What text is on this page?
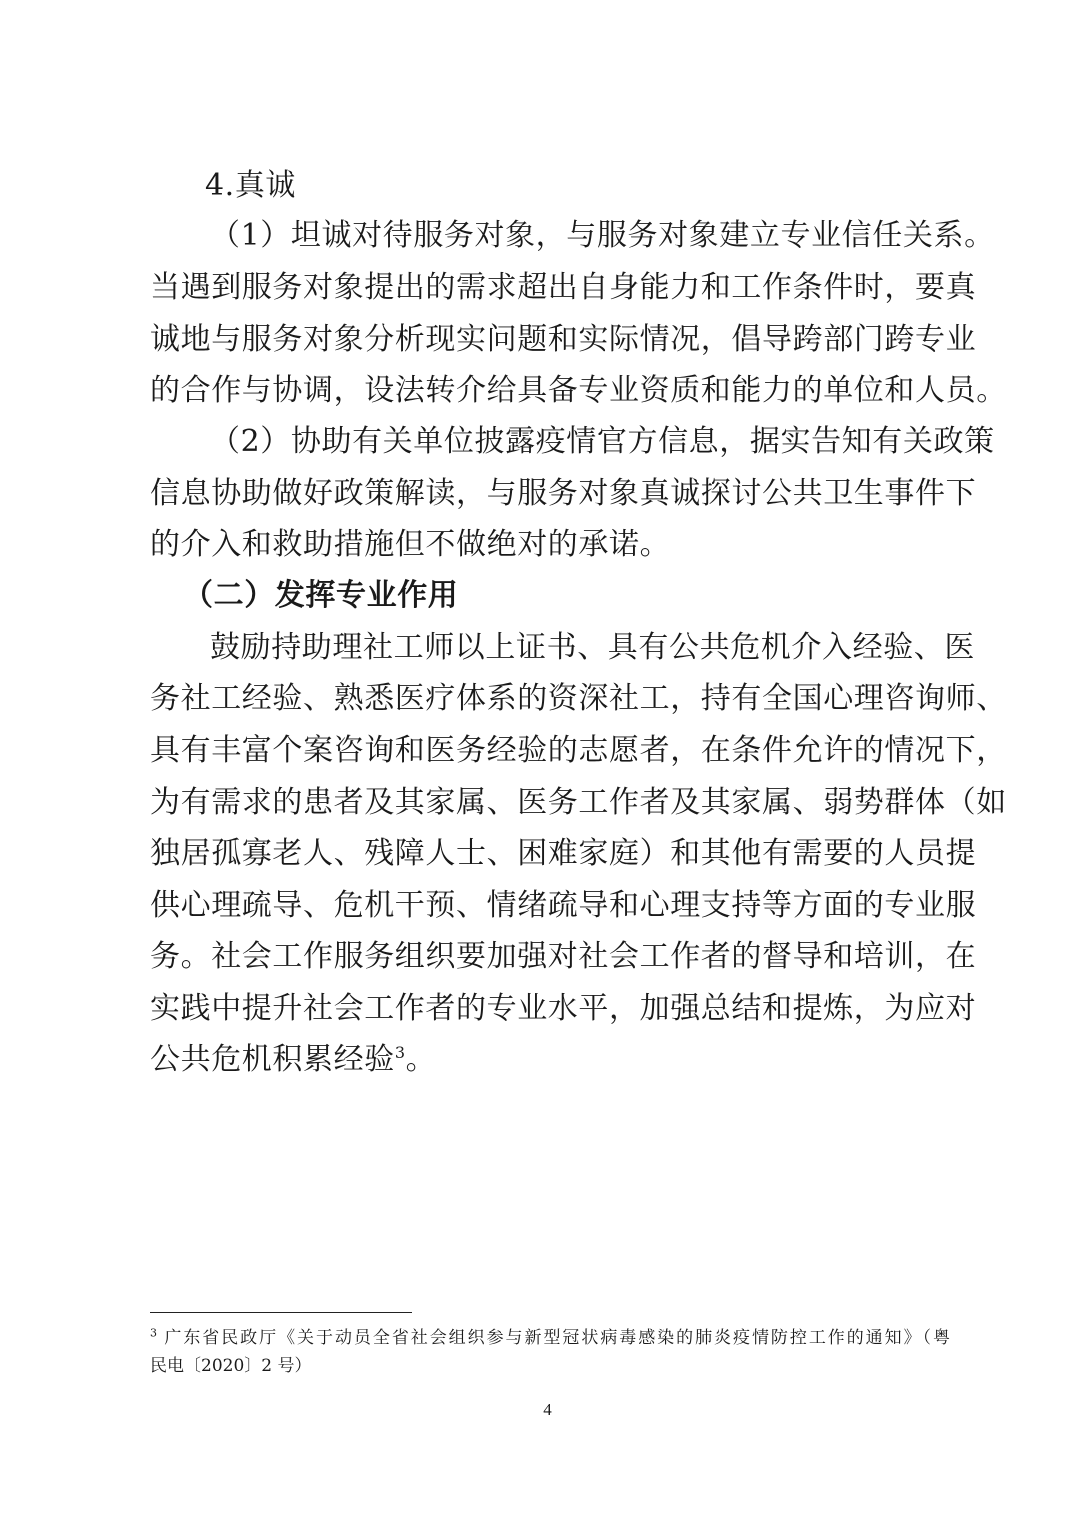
4.真诚
（1）坦诚对待服务对象，与服务对象建立专业信任关系。
当遇到服务对象提出的需求超出自身能力和工作条件时，要真
诚地与服务对象分析现实问题和实际情况，倡导跨部门跨专业
的合作与协调，设法转介给具备专业资质和能力的单位和人员。
（2）协助有关单位披露疫情官方信息，据实告知有关政策
信息协助做好政策解读，与服务对象真诚探讨公共卫生事件下
的介入和救助措施但不做绝对的承诺。
（二）发挥专业作用
鼓励持助理社工师以上证书、具有公共危机介入经验、医
务社工经验、熟悉医疗体系的资深社工，持有全国心理咨询师、
具有丰富个案咨询和医务经验的志愿者，在条件允许的情况下，
为有需求的患者及其家属、医务工作者及其家属、弱势群体（如
独居孤寡老人、残障人士、困难家庭）和其他有需要的人员提
供心理疏导、危机干预、情绪疏导和心理支持等方面的专业服
务。社会工作服务组织要加强对社会工作者的督导和培训，在
实践中提升社会工作者的专业水平，加强总结和提炼，为应对
公共危机积累经验$^3$。
$^3$ 广东省民政厅《关于动员全省社会组织参与新型冠状病毒感染的肺炎疫情防控工作的通知》（粤
民电〔2020〕2 号）
4
